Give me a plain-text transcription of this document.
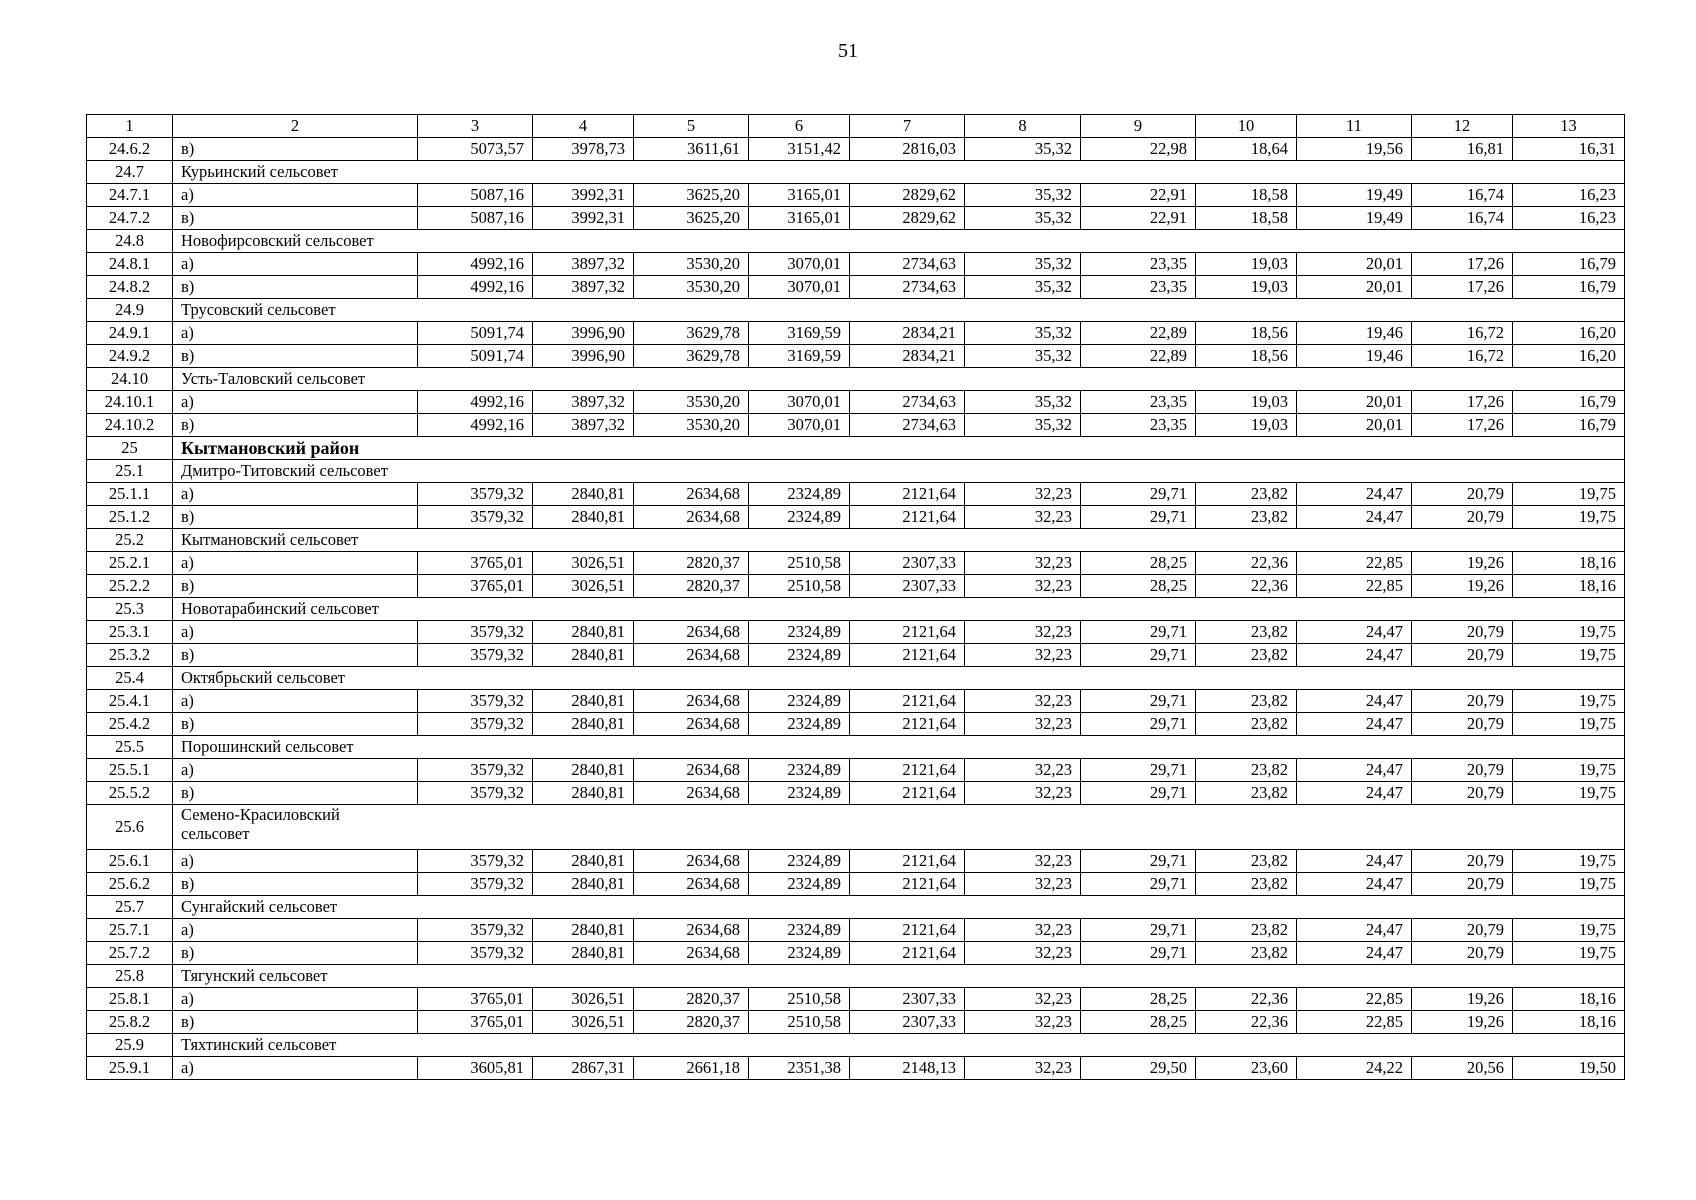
51
1	2	3	4	5	6	7	8	9	10	11	12	13
24.6.2	в)	5073,57	3978,73	3611,61	3151,42	2816,03	35,32	22,98	18,64	19,56	16,81	16,31
24.7	Курьинский сельсовет											
24.7.1	а)	5087,16	3992,31	3625,20	3165,01	2829,62	35,32	22,91	18,58	19,49	16,74	16,23
24.7.2	в)	5087,16	3992,31	3625,20	3165,01	2829,62	35,32	22,91	18,58	19,49	16,74	16,23
24.8	Новофирсовский сельсовет											
24.8.1	а)	4992,16	3897,32	3530,20	3070,01	2734,63	35,32	23,35	19,03	20,01	17,26	16,79
24.8.2	в)	4992,16	3897,32	3530,20	3070,01	2734,63	35,32	23,35	19,03	20,01	17,26	16,79
24.9	Трусовский сельсовет											
24.9.1	а)	5091,74	3996,90	3629,78	3169,59	2834,21	35,32	22,89	18,56	19,46	16,72	16,20
24.9.2	в)	5091,74	3996,90	3629,78	3169,59	2834,21	35,32	22,89	18,56	19,46	16,72	16,20
24.10	Усть-Таловский сельсовет											
24.10.1	а)	4992,16	3897,32	3530,20	3070,01	2734,63	35,32	23,35	19,03	20,01	17,26	16,79
24.10.2	в)	4992,16	3897,32	3530,20	3070,01	2734,63	35,32	23,35	19,03	20,01	17,26	16,79
25	Кытмановский район											
25.1	Дмитро-Титовский сельсовет											
25.1.1	а)	3579,32	2840,81	2634,68	2324,89	2121,64	32,23	29,71	23,82	24,47	20,79	19,75
25.1.2	в)	3579,32	2840,81	2634,68	2324,89	2121,64	32,23	29,71	23,82	24,47	20,79	19,75
25.2	Кытмановский сельсовет											
25.2.1	а)	3765,01	3026,51	2820,37	2510,58	2307,33	32,23	28,25	22,36	22,85	19,26	18,16
25.2.2	в)	3765,01	3026,51	2820,37	2510,58	2307,33	32,23	28,25	22,36	22,85	19,26	18,16
25.3	Новотарабинский сельсовет											
25.3.1	а)	3579,32	2840,81	2634,68	2324,89	2121,64	32,23	29,71	23,82	24,47	20,79	19,75
25.3.2	в)	3579,32	2840,81	2634,68	2324,89	2121,64	32,23	29,71	23,82	24,47	20,79	19,75
25.4	Октябрьский сельсовет											
25.4.1	а)	3579,32	2840,81	2634,68	2324,89	2121,64	32,23	29,71	23,82	24,47	20,79	19,75
25.4.2	в)	3579,32	2840,81	2634,68	2324,89	2121,64	32,23	29,71	23,82	24,47	20,79	19,75
25.5	Порошинский сельсовет											
25.5.1	а)	3579,32	2840,81	2634,68	2324,89	2121,64	32,23	29,71	23,82	24,47	20,79	19,75
25.5.2	в)	3579,32	2840,81	2634,68	2324,89	2121,64	32,23	29,71	23,82	24,47	20,79	19,75
25.6	Семено-Красиловский сельсовет											

25.6.1	а)	3579,32	2840,81	2634,68	2324,89	2121,64	32,23	29,71	23,82	24,47	20,79	19,75
25.6.2	в)	3579,32	2840,81	2634,68	2324,89	2121,64	32,23	29,71	23,82	24,47	20,79	19,75
25.7	Сунгайский сельсовет											
25.7.1	а)	3579,32	2840,81	2634,68	2324,89	2121,64	32,23	29,71	23,82	24,47	20,79	19,75
25.7.2	в)	3579,32	2840,81	2634,68	2324,89	2121,64	32,23	29,71	23,82	24,47	20,79	19,75
25.8	Тягунский сельсовет											
25.8.1	а)	3765,01	3026,51	2820,37	2510,58	2307,33	32,23	28,25	22,36	22,85	19,26	18,16
25.8.2	в)	3765,01	3026,51	2820,37	2510,58	2307,33	32,23	28,25	22,36	22,85	19,26	18,16
25.9	Тяхтинский сельсовет											
25.9.1	а)	3605,81	2867,31	2661,18	2351,38	2148,13	32,23	29,50	23,60	24,22	20,56	19,50
